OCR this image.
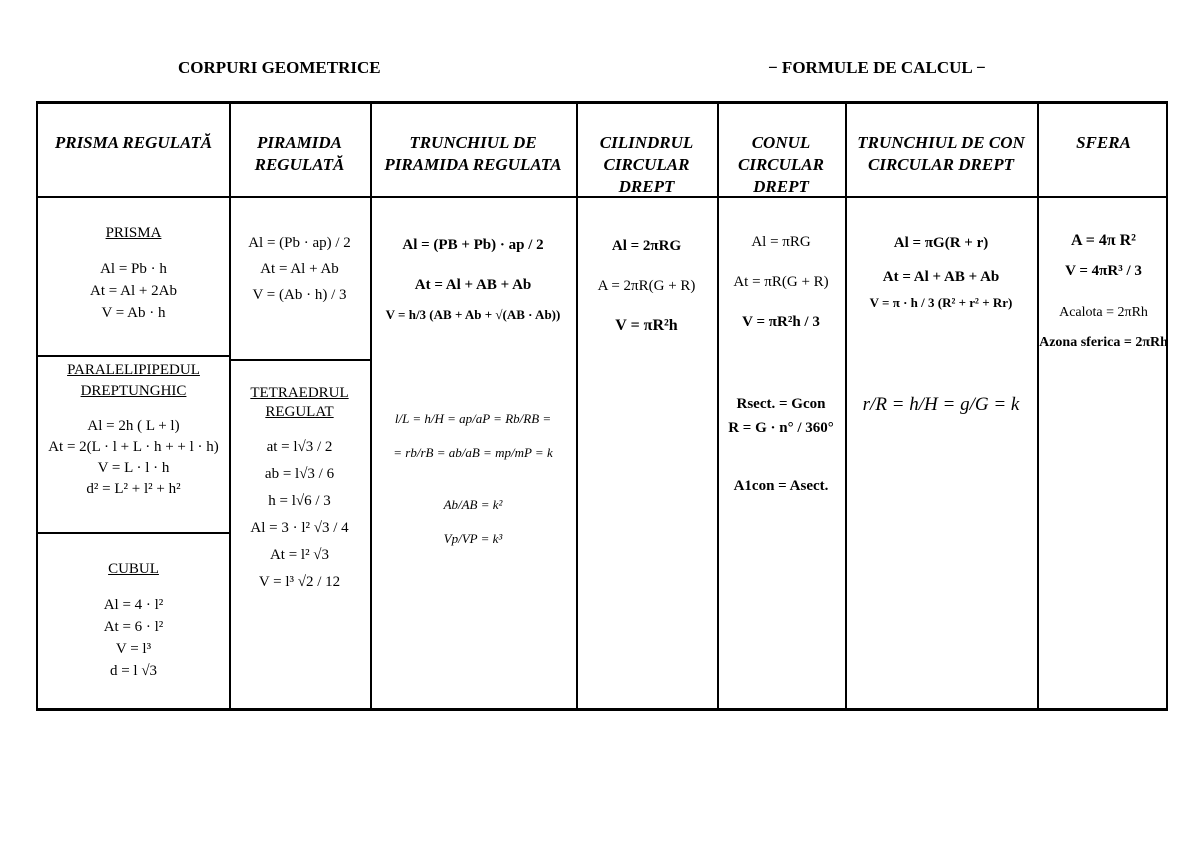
CORPURI GEOMETRICE	− FORMULE DE CALCUL −
PRISMA REGULATĂ	PIRAMIDA REGULATĂ
TRUNCHIUL DE PIRAMIDA REGULATA
CILINDRUL CIRCULAR DREPT
CONUL CIRCULAR DREPT
TRUNCHIUL DE CON CIRCULAR DREPT
SFERA
PRISMA
Al = Pb · h
At = Al + 2Ab
V = Ab · h
PARALELIPIPEDUL DREPTUNGHIC
Al = 2h ( L + l)
At = 2(L · l + L · h + + l · h)
V = L · l · h
d² = L² + l² + h²
CUBUL
Al = 4 · l²
At = 6 · l²
V = l³
d = l √3
Al = (Pb · ap) / 2
At = Al + Ab
V = (Ab · h) / 3
TETRAEDRUL REGULAT
at = l√3 / 2
ab = l√3 / 6
h = l√6 / 3
Al = 3 · l² √3 / 4
At = l² √3
V = l³ √2 / 12
Al = (PB + Pb) · ap / 2
At = Al + AB + Ab
V = h/3 (AB + Ab + √(AB · Ab))
l/L = h/H = ap/aP = Rb/RB =
= rb/rB = ab/aB = mp/mP = k
Ab/AB = k²
Vp/VP = k³
Al = 2πRG
A = 2πR(G + R)
V = πR²h
Al = πRG
At = πR(G + R)
V = πR²h / 3
Rsect. = Gcon
R = G · n° / 360°
A1con = Asect.
Al = πG(R + r)
At = Al + AB + Ab
V = π · h / 3 (R² + r² + Rr)
r/R = h/H = g/G = k
A = 4π R²
V = 4πR³ / 3
Acalota = 2πRh
Azona sferica = 2πRh
